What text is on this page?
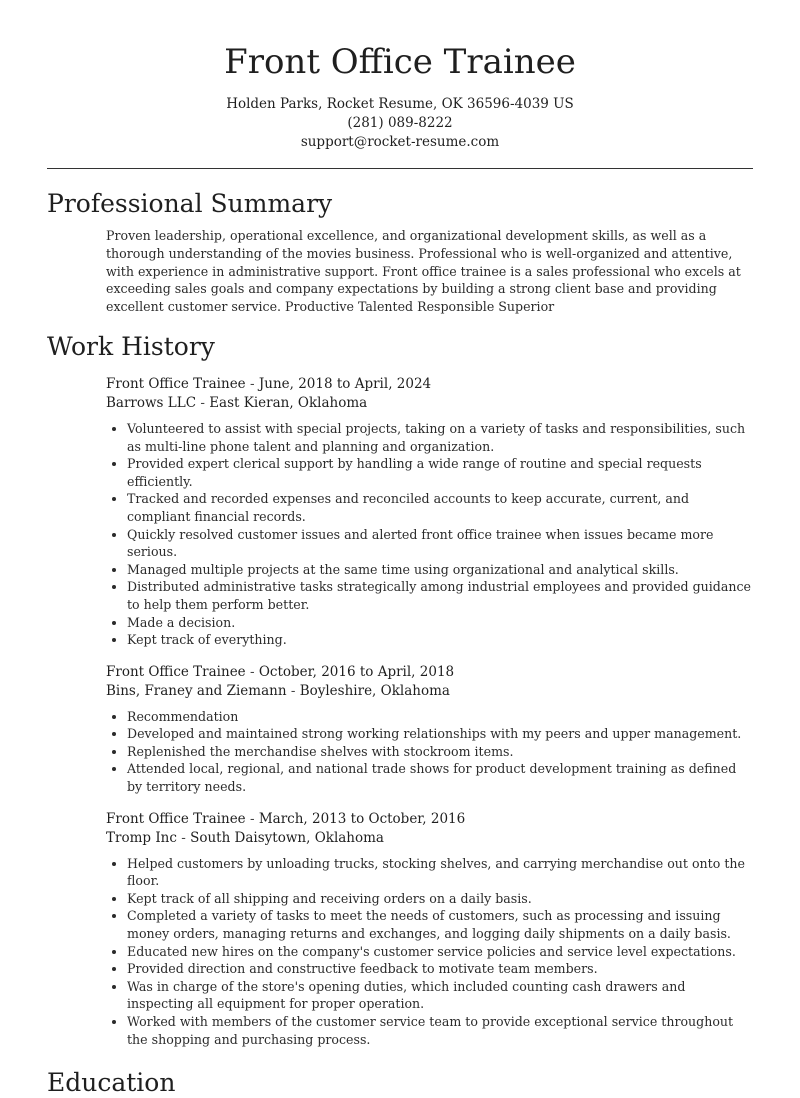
Front Office Trainee
Holden Parks, Rocket Resume, OK 36596-4039 US
(281) 089-8222
support@rocket-resume.com
Professional Summary
Proven leadership, operational excellence, and organizational development skills, as well as a thorough understanding of the movies business. Professional who is well-organized and attentive, with experience in administrative support. Front office trainee is a sales professional who excels at exceeding sales goals and company expectations by building a strong client base and providing excellent customer service. Productive Talented Responsible Superior
Work History
Front Office Trainee - June, 2018 to April, 2024
Barrows LLC - East Kieran, Oklahoma
• Volunteered to assist with special projects, taking on a variety of tasks and responsibilities, such as multi-line phone talent and planning and organization.
• Provided expert clerical support by handling a wide range of routine and special requests efficiently.
• Tracked and recorded expenses and reconciled accounts to keep accurate, current, and compliant financial records.
• Quickly resolved customer issues and alerted front office trainee when issues became more serious.
• Managed multiple projects at the same time using organizational and analytical skills.
• Distributed administrative tasks strategically among industrial employees and provided guidance to help them perform better.
• Made a decision.
• Kept track of everything.
Front Office Trainee - October, 2016 to April, 2018
Bins, Franey and Ziemann - Boyleshire, Oklahoma
• Recommendation
• Developed and maintained strong working relationships with my peers and upper management.
• Replenished the merchandise shelves with stockroom items.
• Attended local, regional, and national trade shows for product development training as defined by territory needs.
Front Office Trainee - March, 2013 to October, 2016
Tromp Inc - South Daisytown, Oklahoma
• Helped customers by unloading trucks, stocking shelves, and carrying merchandise out onto the floor.
• Kept track of all shipping and receiving orders on a daily basis.
• Completed a variety of tasks to meet the needs of customers, such as processing and issuing money orders, managing returns and exchanges, and logging daily shipments on a daily basis.
• Educated new hires on the company's customer service policies and service level expectations.
• Provided direction and constructive feedback to motivate team members.
• Was in charge of the store's opening duties, which included counting cash drawers and inspecting all equipment for proper operation.
• Worked with members of the customer service team to provide exceptional service throughout the shopping and purchasing process.
Education
